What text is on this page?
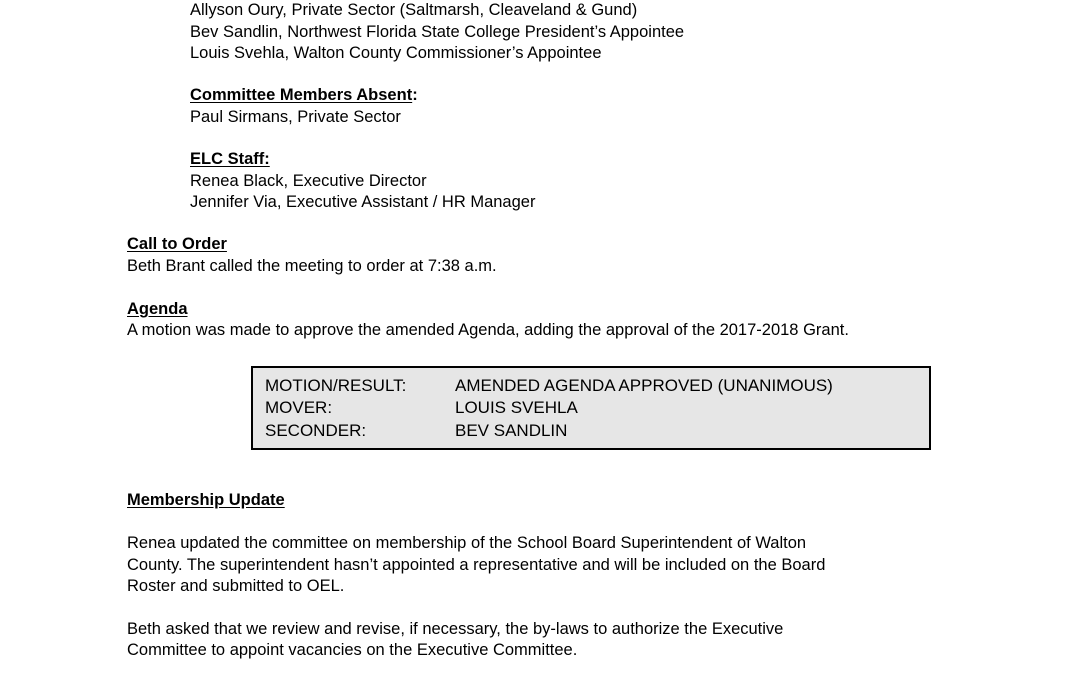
Allyson Oury, Private Sector (Saltmarsh, Cleaveland & Gund)
Bev Sandlin, Northwest Florida State College President’s Appointee
Louis Svehla, Walton County Commissioner’s Appointee
Committee Members Absent:
Paul Sirmans, Private Sector
ELC Staff:
Renea Black, Executive Director
Jennifer Via, Executive Assistant / HR Manager
Call to Order
Beth Brant called the meeting to order at 7:38 a.m.
Agenda
A motion was made to approve the amended Agenda, adding the approval of the 2017-2018 Grant.
MOTION/RESULT:	AMENDED AGENDA APPROVED (UNANIMOUS)
MOVER:	LOUIS SVEHLA
SECONDER:	BEV SANDLIN
Membership Update
Renea updated the committee on membership of the School Board Superintendent of Walton
County. The superintendent hasn’t appointed a representative and will be included on the Board
Roster and submitted to OEL.
Beth asked that we review and revise, if necessary, the by-laws to authorize the Executive
Committee to appoint vacancies on the Executive Committee.
